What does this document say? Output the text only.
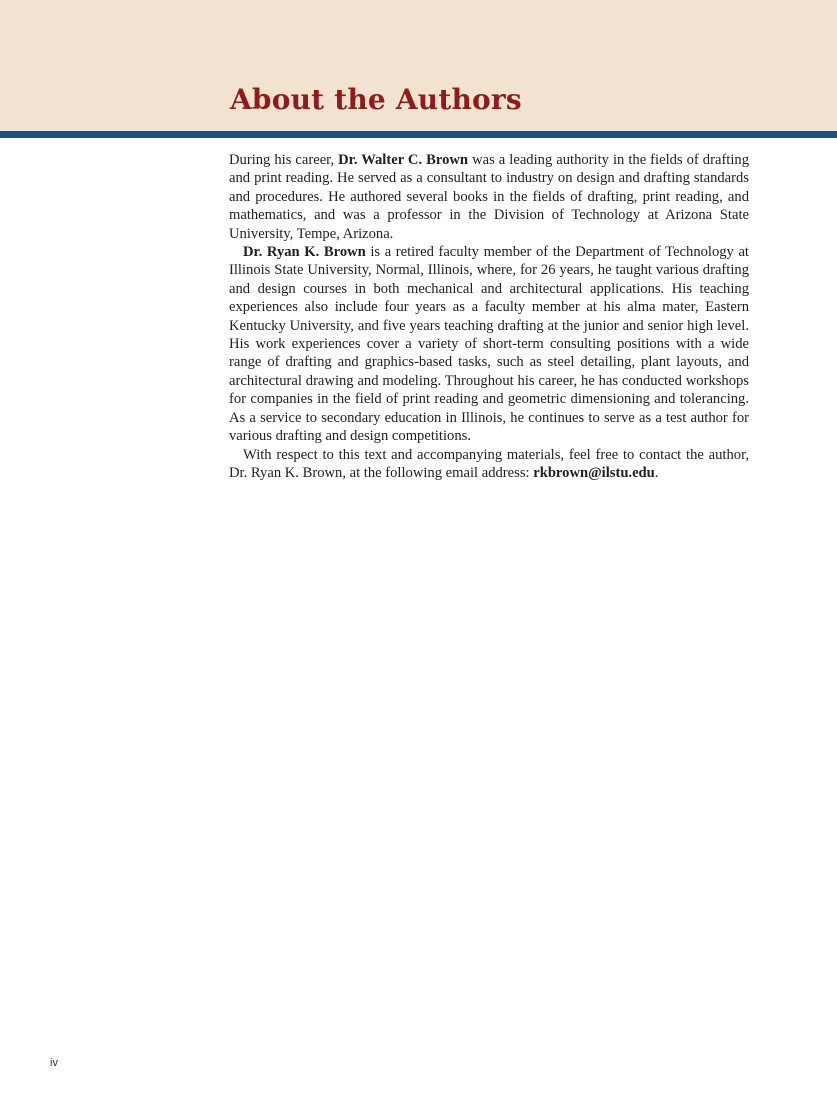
About the Authors

During his career, Dr. Walter C. Brown was a leading authority in the fields of drafting and print reading. He served as a consultant to industry on design and drafting standards and procedures. He authored several books in the fields of drafting, print reading, and mathematics, and was a professor in the Division of Technology at Arizona State University, Tempe, Arizona.

Dr. Ryan K. Brown is a retired faculty member of the Department of Technology at Illinois State University, Normal, Illinois, where, for 26 years, he taught various drafting and design courses in both mechanical and architectural applications. His teaching experiences also include four years as a faculty member at his alma mater, Eastern Kentucky University, and five years teaching drafting at the junior and senior high level. His work experiences cover a variety of short-term consulting positions with a wide range of drafting and graphics-based tasks, such as steel detailing, plant layouts, and architectural drawing and modeling. Throughout his career, he has conducted workshops for companies in the field of print reading and geometric dimensioning and tolerancing. As a service to secondary education in Illinois, he continues to serve as a test author for various drafting and design competitions.

With respect to this text and accompanying materials, feel free to contact the author, Dr. Ryan K. Brown, at the following email address: rkbrown@ilstu.edu.

iv
